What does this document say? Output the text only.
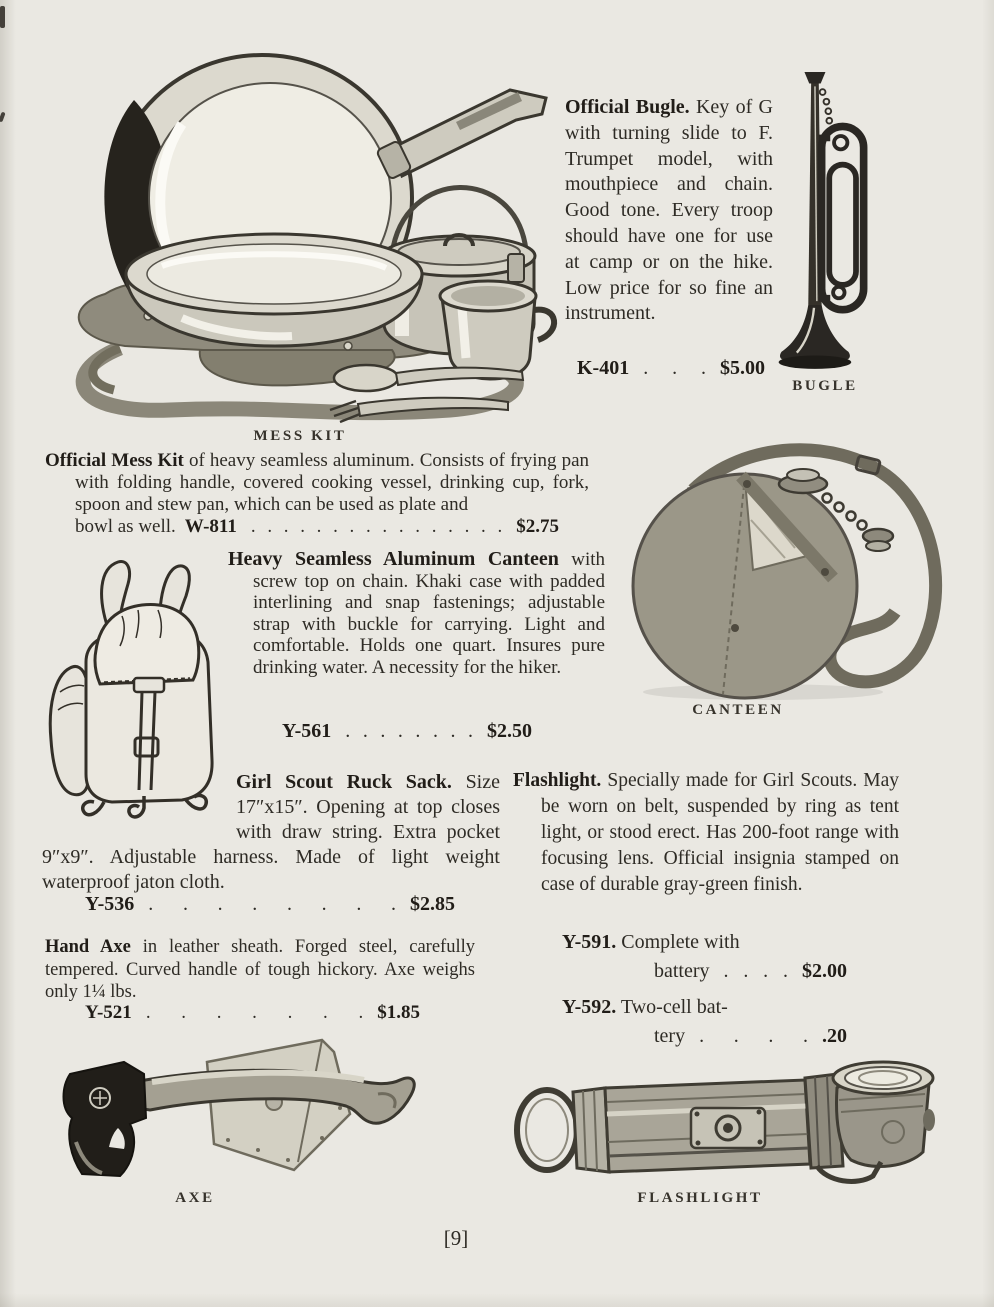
MESS KIT

Official Bugle. Key of G with turning slide to F. Trumpet model, with mouthpiece and chain. Good tone. Every troop should have one for use at camp or on the hike. Low price for so fine an instrument.

K-401 . . . $5.00
BUGLE

Official Mess Kit of heavy seamless aluminum. Consists of frying pan with folding handle, covered cooking vessel, drinking cup, fork, spoon and stew pan, which can be used as plate and

bowl as well. W-811 . . . . . . . . . . . . . . . . $2.75

Heavy Seamless Aluminum Canteen with screw top on chain. Khaki case with padded interlining and snap fastenings; adjustable strap with buckle for carrying. Light and comfortable. Holds one quart. Insures pure drinking water. A necessity for the hiker.

Y-561 . . . . . . . . $2.50
CANTEEN
Girl Scout Ruck Sack. Size 17″x15″. Opening at top closes with draw string. Extra pocket 9″x9″. Adjustable harness. Made of light weight waterproof jaton cloth.
Y-536 . . . . . . . . $2.85

Flashlight. Specially made for Girl Scouts. May be worn on belt, suspended by ring as tent light, or stood erect. Has 200-foot range with focusing lens. Official insignia stamped on case of durable gray-green finish.

Y-591. Complete with
battery . . . . $2.00
Y-592. Two-cell bat-
tery . . . . .20

Hand Axe in leather sheath. Forged steel, carefully tempered. Curved handle of tough hickory. Axe weighs only 1¼ lbs.

Y-521 . . . . . . . $1.85
AXE	FLASHLIGHT
[9]
